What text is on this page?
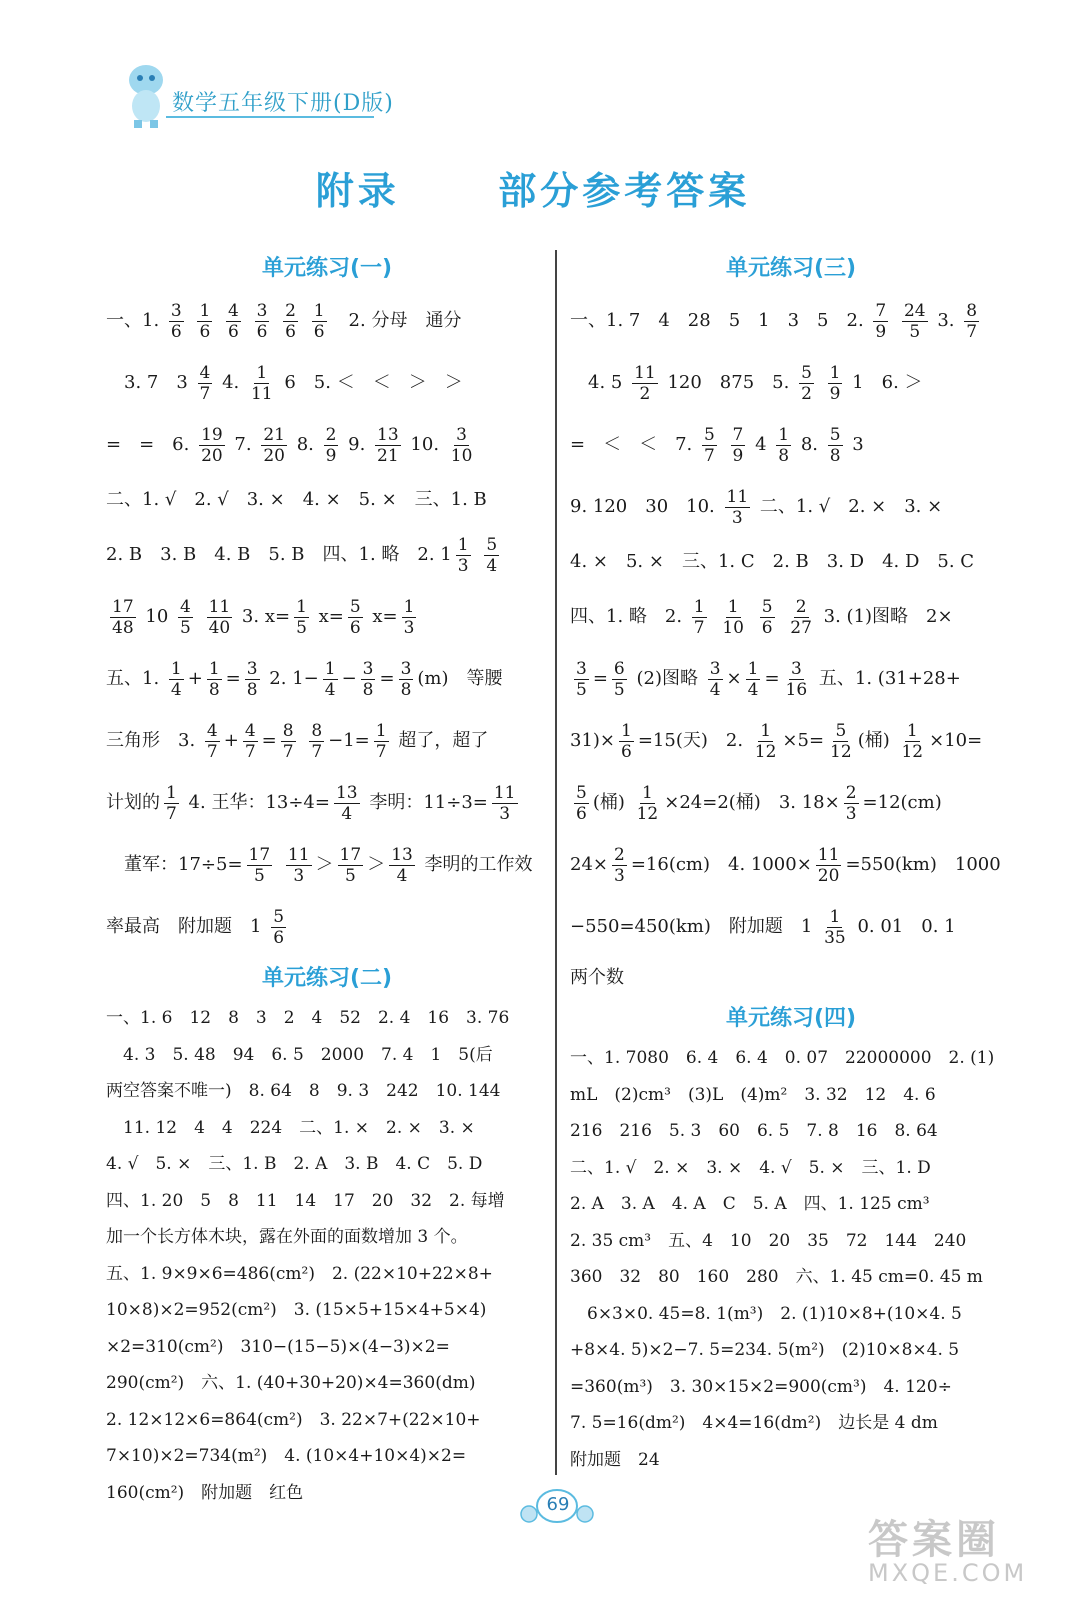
数学五年级下册(D版)
附录	部分参考答案
单元练习(一)
一、1. $\frac{3}{6}$
$\frac{1}{6}$
$\frac{4}{6}$
$\frac{3}{6}$
$\frac{2}{6}$
$\frac{1}{6}$ 　2. 分母　通分
　3. 7　$3 \frac{4}{7} 4$. $\frac{1}{11} 6$　5. ＜　＜　＞　＞
=　=　6. $\frac{19}{20} 7$. $\frac{21}{20} 8$. $\frac{2}{9} 9$. $\frac{13}{21} 10$. $\frac{3}{10}$
二、1. √　2. √　3. ×　4. ×　5. ×　三、1. B
2. B　3. B　4. B　5. B　四、1. 略　2. $1 \frac{1}{3}$
$\frac{5}{4}$
$\frac{17}{48} 10 \frac{4}{5}$
$\frac{11}{40} 3$. $x= \frac{1}{5} x= \frac{5}{6} x= \frac{1}{3}$
五、1. $\frac{1}{4} + \frac{1}{8} = \frac{3}{8} 2$. $1- \frac{1}{4} - \frac{3}{8} = \frac{3}{8} (m)$　等腰
三角形　3. $\frac{4}{7} + \frac{4}{7} = \frac{8}{7}$
$\frac{8}{7} -1= \frac{1}{7}$ 超了，超了
计划的 $\frac{1}{7} 4$. 王华：$13\div 4= \frac{13}{4}$ 李明：$11\div 3= \frac{11}{3}$
　董军：$17\div 5= \frac{17}{5}$
$\frac{11}{3} > \frac{17}{5} > \frac{13}{4}$ 李明的工作效
率最高　附加题　$1 \frac{5}{6}$
单元练习(二)
一、1. 6　12　8　3　2　4　52　2. 4　16　3. 76
　4. 3　5. 48　94　6. 5　2000　7. 4　1　5(后
两空答案不唯一)　8. 64　8　9. 3　242　10. 144
　11. 12　4　4　224　二、1. ×　2. ×　3. ×
4. √　5. ×　三、1. B　2. A　3. B　4. C　5. D
四、1. 20　5　8　11　14　17　20　32　2. 每增
加一个长方体木块，露在外面的面数增加 3 个。
五、1. 9×9×6=486(cm²)　2. (22×10+22×8+
10×8)×2=952(cm²)　3. (15×5+15×4+5×4)
×2=310(cm²)　310−(15−5)×(4−3)×2=
290(cm²)　六、1. (40+30+20)×4=360(dm)
2. 12×12×6=864(cm²)　3. 22×7+(22×10+
7×10)×2=734(m²)　4. (10×4+10×4)×2=
160(cm²)　附加题　红色
单元练习(三)
一、1. 7　4　28　5　1　3　5　2. $\frac{7}{9}$
$\frac{24}{5} 3$. $\frac{8}{7}$
　4. $5 \frac{11}{2} 120$　875　5. $\frac{5}{2}$
$\frac{1}{9} 1$　6. ＞
=　＜　＜　7. $\frac{5}{7}$
$\frac{7}{9} 4 \frac{1}{8} 8$. $\frac{5}{8} 3$
9. 120　30　10. $\frac{11}{3}$ 二、1. √　2. ×　3. ×
4. ×　5. ×　三、1. C　2. B　3. D　4. D　5. C
四、1. 略　2. $\frac{1}{7}$
$\frac{1}{10}$
$\frac{5}{6}$
$\frac{2}{27} 3$. (1)图略　2×
$\frac{3}{5} = \frac{6}{5} (2)$图略 $\frac{3}{4} \times \frac{1}{4} = \frac{3}{16}$ 五、1. (31+28+
$31)\times \frac{1}{6} =15$(天)　2. $\frac{1}{12} \times 5= \frac{5}{12}$ (桶) $\frac{1}{12} \times 10=$
$\frac{5}{6}$ (桶) $\frac{1}{12} \times 24=2$(桶)　3. $18\times \frac{2}{3} =12(cm)$
$24\times \frac{2}{3} =16(cm)$　4. $1000\times \frac{11}{20} =550(km)$　1000
−550=450(km)　附加题　$1 \frac{1}{35} 0$. 01　0. 1
两个数
单元练习(四)
一、1. 7080　6. 4　6. 4　0. 07　22000000　2. (1)
mL　(2)cm³　(3)L　(4)m²　3. 32　12　4. 6
216　216　5. 3　60　6. 5　7. 8　16　8. 64
二、1. √　2. ×　3. ×　4. √　5. ×　三、1. D
2. A　3. A　4. A　C　5. A　四、1. 125 cm³
2. 35 cm³　五、4　10　20　35　72　144　240
360　32　80　160　280　六、1. 45 cm=0. 45 m
　6×3×0. 45=8. 1(m³)　2. (1)10×8+(10×4. 5
+8×4. 5)×2−7. 5=234. 5(m²)　(2)10×8×4. 5
=360(m³)　3. 30×15×2=900(cm³)　4. 120÷
7. 5=16(dm²)　4×4=16(dm²)　边长是 4 dm
附加题　24
69
答案圈
MXQE.COM
